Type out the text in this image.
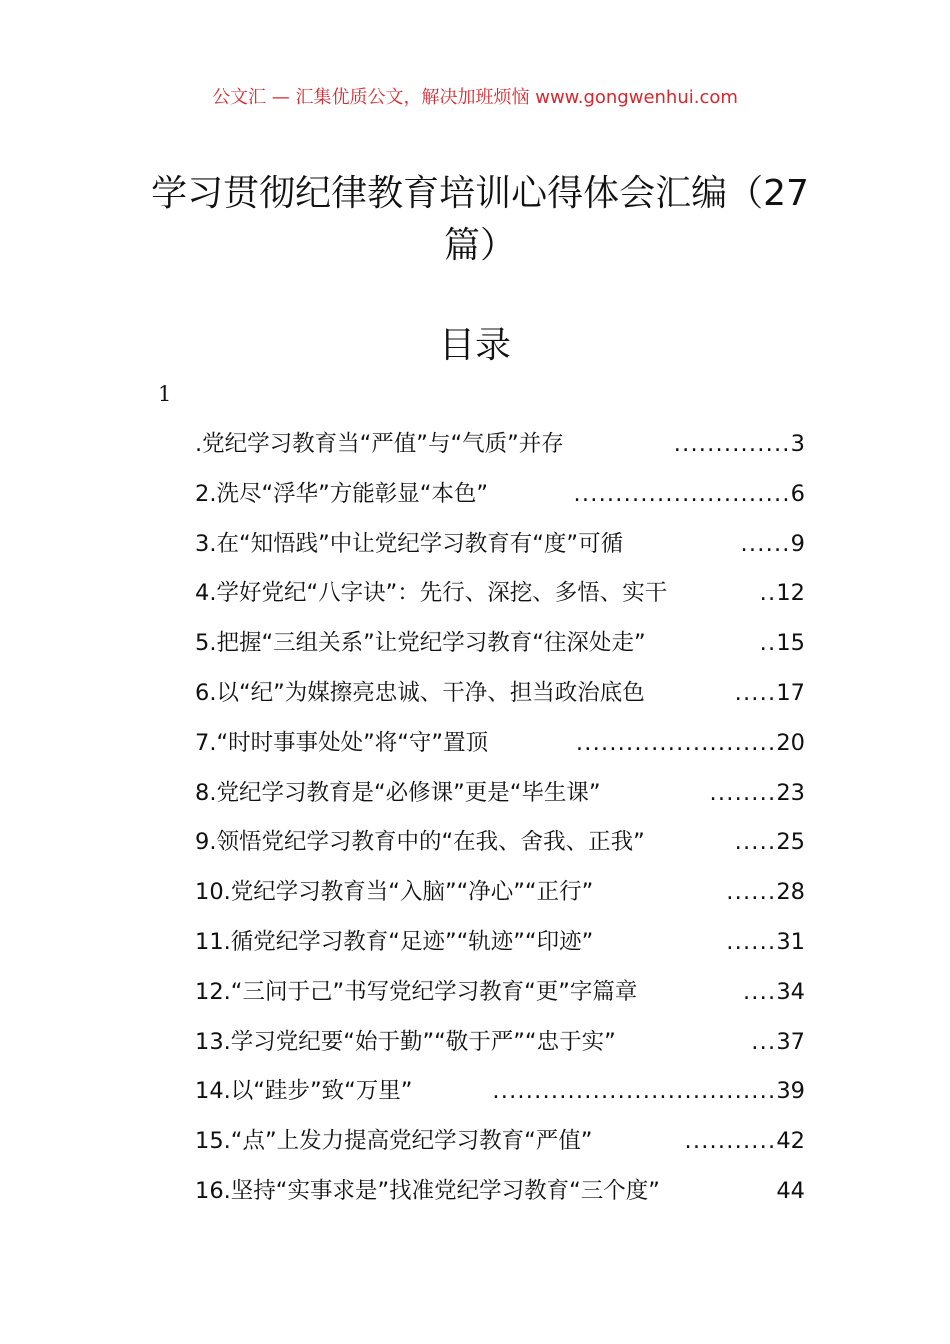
公文汇 — 汇集优质公文，解决加班烦恼 www.gongwenhui.com
学习贯彻纪律教育培训心得体会汇编（27篇）
目录
1
.党纪学习教育当“严值”与“气质”并存	.............. 3
2.洗尽“浮华”方能彰显“本色”	.......................... 6
3.在“知悟践”中让党纪学习教育有“度”可循	...... 9
4.学好党纪“八字诀”：先行、深挖、多悟、实干	.. 12
5.把握“三组关系”让党纪学习教育“往深处走”	.. 15
6.以“纪”为媒擦亮忠诚、干净、担当政治底色	..... 17
7.“时时事事处处”将“守”置顶	........................ 20
8.党纪学习教育是“必修课”更是“毕生课”	........ 23
9.领悟党纪学习教育中的“在我、舍我、正我”	..... 25
10.党纪学习教育当“入脑”“净心”“正行”	...... 28
11.循党纪学习教育“足迹”“轨迹”“印迹”	...... 31
12.“三问于己”书写党纪学习教育“更”字篇章	.... 34
13.学习党纪要“始于勤”“敬于严”“忠于实”	... 37
14.以“跬步”致“万里”	.................................. 39
15.“点”上发力提高党纪学习教育“严值”	........... 42
16.坚持“实事求是”找准党纪学习教育“三个度”	44
